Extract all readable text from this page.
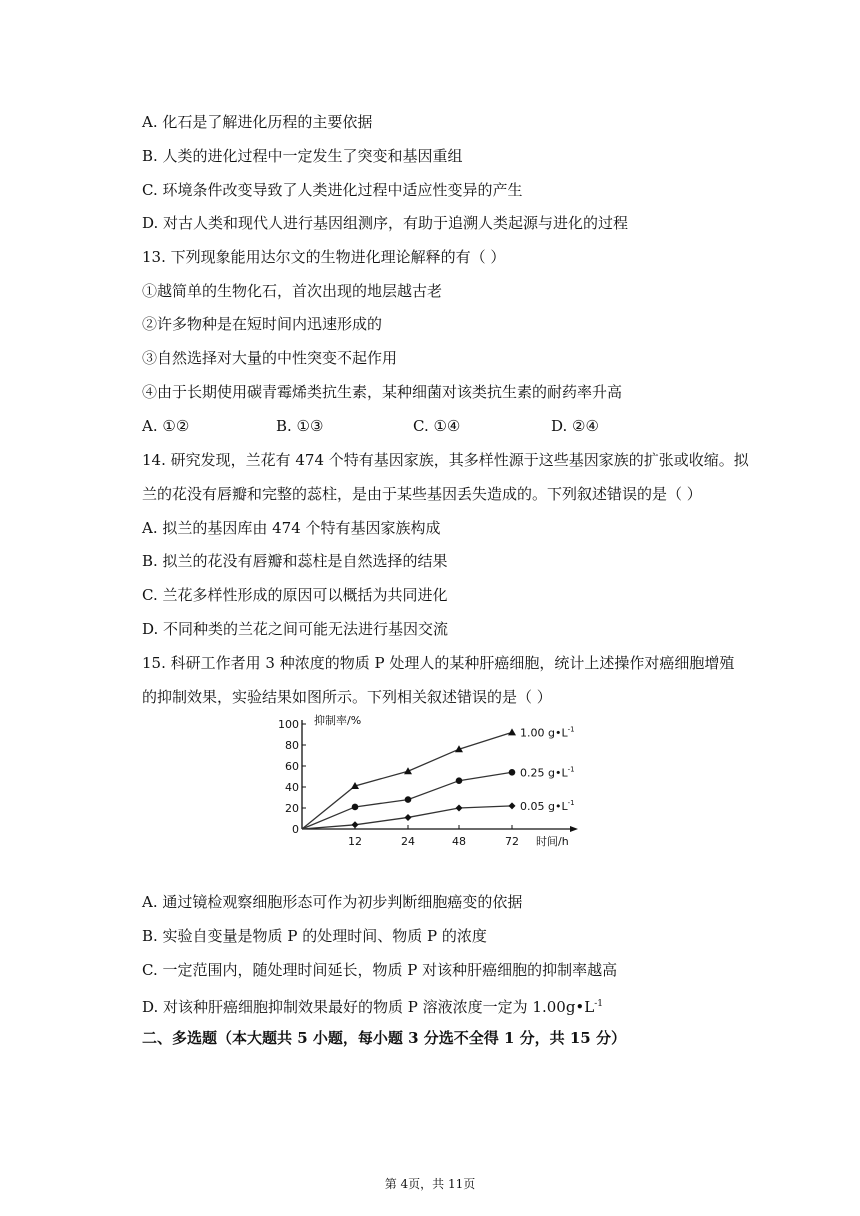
A. 化石是了解进化历程的主要依据
B. 人类的进化过程中一定发生了突变和基因重组
C. 环境条件改变导致了人类进化过程中适应性变异的产生
D. 对古人类和现代人进行基因组测序，有助于追溯人类起源与进化的过程
13. 下列现象能用达尔文的生物进化理论解释的有（ ）
①越简单的生物化石，首次出现的地层越古老
②许多物种是在短时间内迅速形成的
③自然选择对大量的中性突变不起作用
④由于长期使用碳青霉烯类抗生素，某种细菌对该类抗生素的耐药率升高
A. ①②	B. ①③	C. ①④	D. ②④
14. 研究发现，兰花有 474 个特有基因家族，其多样性源于这些基因家族的扩张或收缩。拟
兰的花没有唇瓣和完整的蕊柱，是由于某些基因丢失造成的。下列叙述错误的是（ ）
A. 拟兰的基因库由 474 个特有基因家族构成
B. 拟兰的花没有唇瓣和蕊柱是自然选择的结果
C. 兰花多样性形成的原因可以概括为共同进化
D. 不同种类的兰花之间可能无法进行基因交流
15. 科研工作者用 3 种浓度的物质 P 处理人的某种肝癌细胞，统计上述操作对癌细胞增殖
的抑制效果，实验结果如图所示。下列相关叙述错误的是（ ）
抑制率/%
时间/h
100
80
60
40
20
0
12	24	48	72
1.00 $g•L^{-1}$
0.25 $g•L^{-1}$
0.05 $g•L^{-1}$
A. 通过镜检观察细胞形态可作为初步判断细胞癌变的依据
B. 实验自变量是物质 P 的处理时间、物质 P 的浓度
C. 一定范围内，随处理时间延长，物质 P 对该种肝癌细胞的抑制率越高
D. 对该种肝癌细胞抑制效果最好的物质 P 溶液浓度一定为 $1.00g•L^{-1}$
二、多选题（本大题共 5 小题，每小题 3 分选不全得 1 分，共 15 分）
第 4页，共 11页
